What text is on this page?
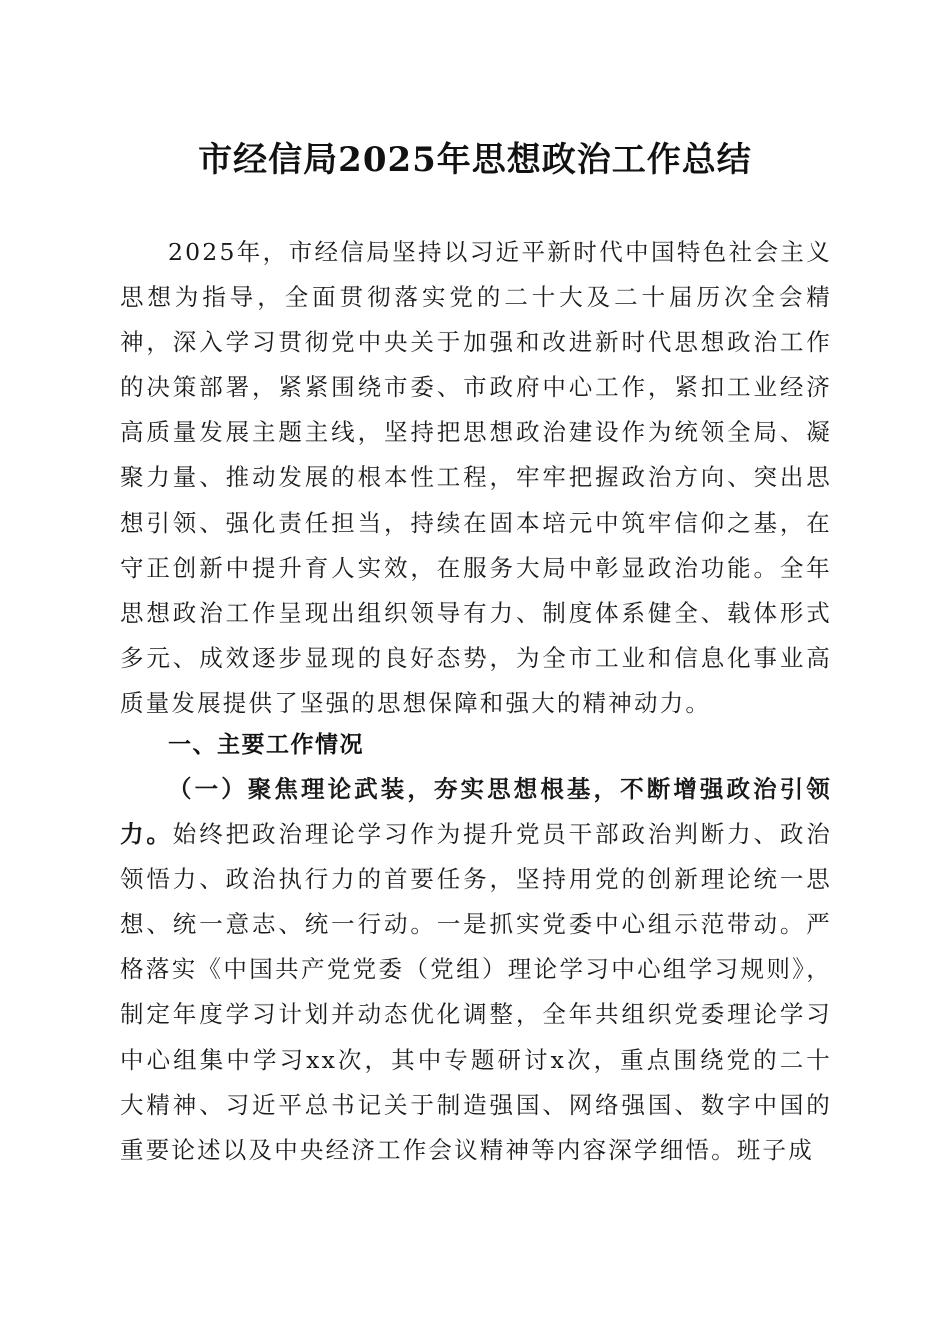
市经信局2025年思想政治工作总结
2025年，市经信局坚持以习近平新时代中国特色社会主义思想为指导，全面贯彻落实党的二十大及二十届历次全会精神，深入学习贯彻党中央关于加强和改进新时代思想政治工作的决策部署，紧紧围绕市委、市政府中心工作，紧扣工业经济高质量发展主题主线，坚持把思想政治建设作为统领全局、凝聚力量、推动发展的根本性工程，牢牢把握政治方向、突出思想引领、强化责任担当，持续在固本培元中筑牢信仰之基，在守正创新中提升育人实效，在服务大局中彰显政治功能。全年思想政治工作呈现出组织领导有力、制度体系健全、载体形式多元、成效逐步显现的良好态势，为全市工业和信息化事业高质量发展提供了坚强的思想保障和强大的精神动力。
一、主要工作情况
（一）聚焦理论武装，夯实思想根基，不断增强政治引领力。始终把政治理论学习作为提升党员干部政治判断力、政治领悟力、政治执行力的首要任务，坚持用党的创新理论统一思想、统一意志、统一行动。一是抓实党委中心组示范带动。严格落实《中国共产党党委（党组）理论学习中心组学习规则》，制定年度学习计划并动态优化调整，全年共组织党委理论学习中心组集中学习xx次，其中专题研讨x次，重点围绕党的二十大精神、习近平总书记关于制造强国、网络强国、数字中国的重要论述以及中央经济工作会议精神等内容深学细悟。班子成
